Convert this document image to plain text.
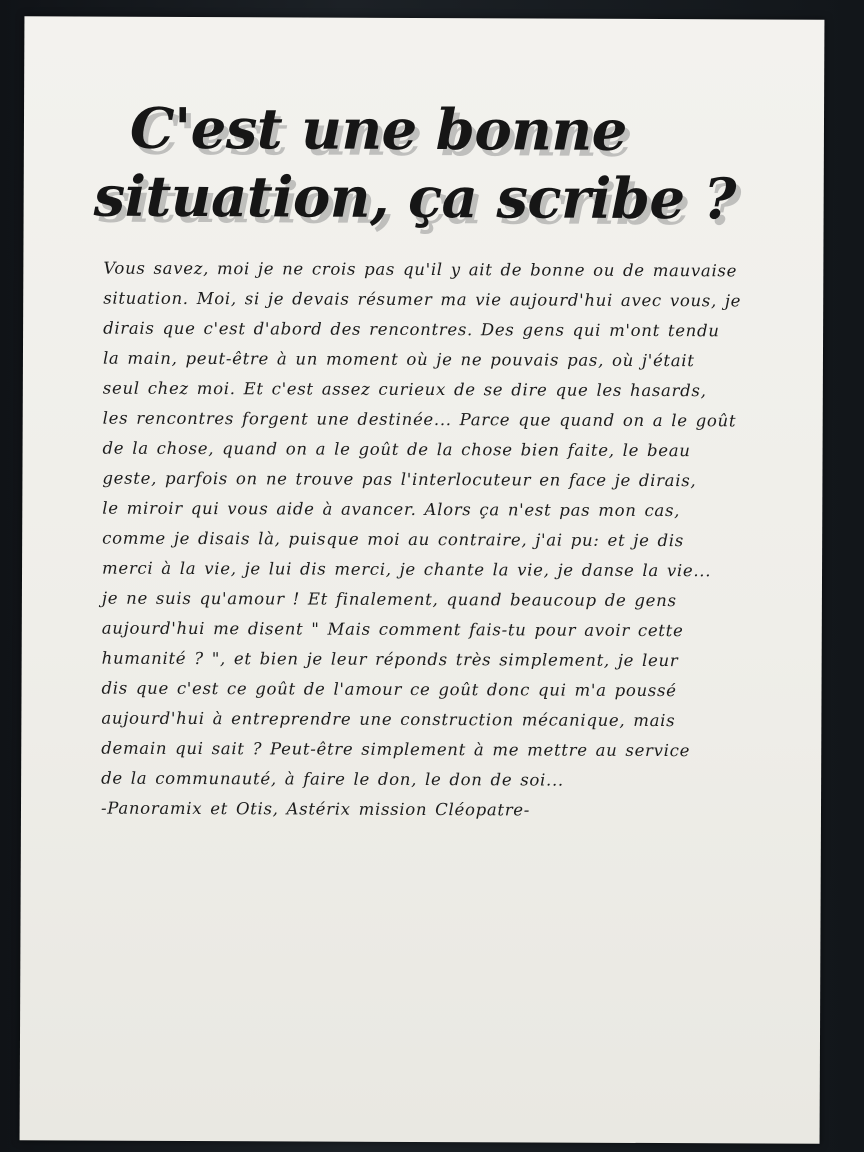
C'est une bonne
situation, ça scribe ?
Vous savez, moi je ne crois pas qu'il y ait de bonne ou de mauvaise
situation. Moi, si je devais résumer ma vie aujourd'hui avec vous, je
dirais que c'est d'abord des rencontres. Des gens qui m'ont tendu
la main, peut-être à un moment où je ne pouvais pas, où j'était
seul chez moi. Et c'est assez curieux de se dire que les hasards,
les rencontres forgent une destinée... Parce que quand on a le goût
de la chose, quand on a le goût de la chose bien faite, le beau
geste, parfois on ne trouve pas l'interlocuteur en face je dirais,
le miroir qui vous aide à avancer. Alors ça n'est pas mon cas,
comme je disais là, puisque moi au contraire, j'ai pu: et je dis
merci à la vie, je lui dis merci, je chante la vie, je danse la vie...
je ne suis qu'amour ! Et finalement, quand beaucoup de gens
aujourd'hui me disent " Mais comment fais-tu pour avoir cette
humanité ? ", et bien je leur réponds très simplement, je leur
dis que c'est ce goût de l'amour ce goût donc qui m'a poussé
aujourd'hui à entreprendre une construction mécanique, mais
demain qui sait ? Peut-être simplement à me mettre au service
de la communauté, à faire le don, le don de soi...
-Panoramix et Otis, Astérix mission Cléopatre-
